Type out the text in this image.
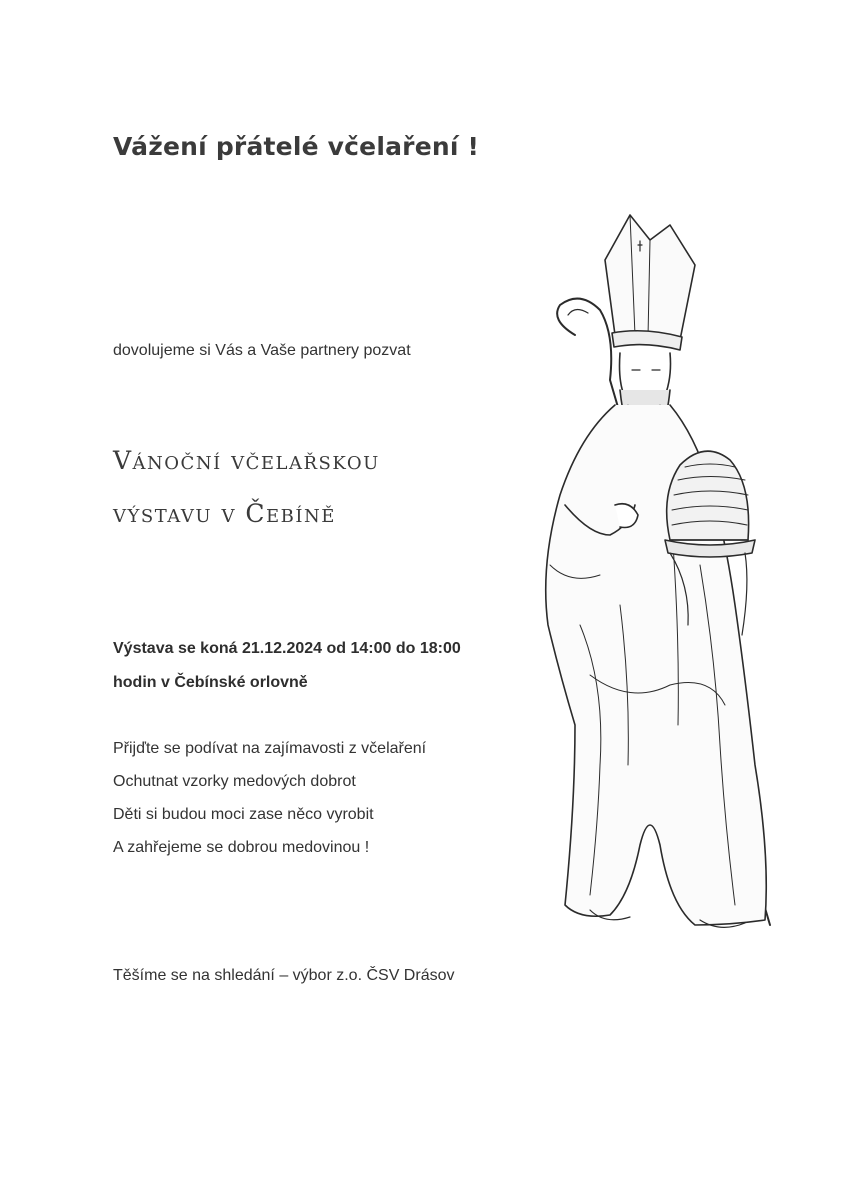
Vážení přátelé včelaření !
dovolujeme si Vás a Vaše partnery pozvat
Vánoční včelařskou
výstavu v Čebíně
Výstava se koná 21.12.2024 od 14:00 do 18:00
hodin v Čebínské orlovně
Přijďte se podívat na zajímavosti z včelaření
Ochutnat vzorky medových dobrot
Děti si budou moci zase něco vyrobit
A zahřejeme se dobrou medovinou !
Těšíme se na shledání – výbor z.o. ČSV Drásov
